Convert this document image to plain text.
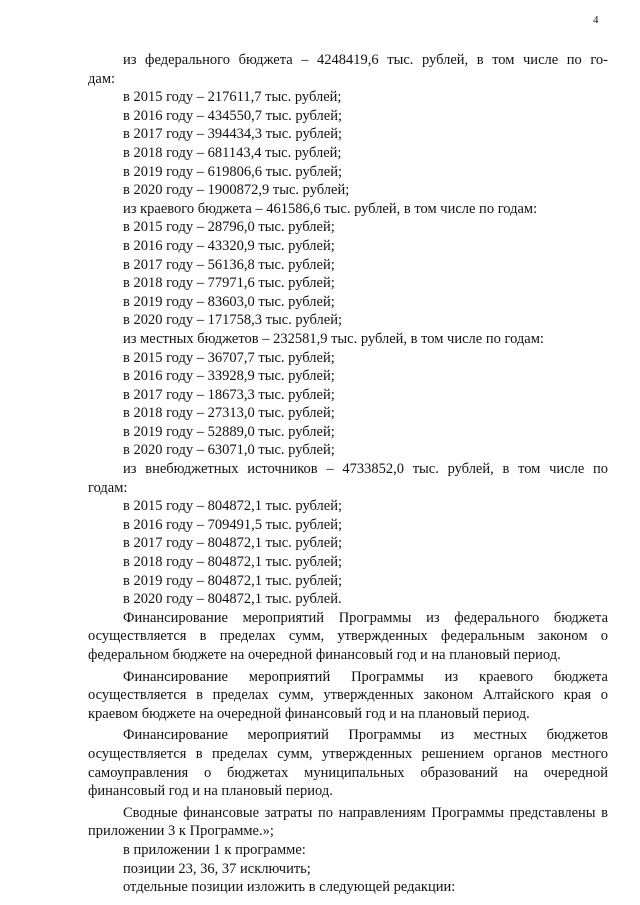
4
из федерального бюджета – 4248419,6 тыс. рублей, в том числе по го-
дам:
в 2015 году – 217611,7 тыс. рублей;
в 2016 году – 434550,7 тыс. рублей;
в 2017 году – 394434,3 тыс. рублей;
в 2018 году – 681143,4 тыс. рублей;
в 2019 году – 619806,6 тыс. рублей;
в 2020 году – 1900872,9 тыс. рублей;
из краевого бюджета – 461586,6 тыс. рублей, в том числе по годам:
в 2015 году – 28796,0 тыс. рублей;
в 2016 году – 43320,9 тыс. рублей;
в 2017 году – 56136,8 тыс. рублей;
в 2018 году – 77971,6 тыс. рублей;
в 2019 году – 83603,0 тыс. рублей;
в 2020 году – 171758,3 тыс. рублей;
из местных бюджетов – 232581,9 тыс. рублей, в том числе по годам:
в 2015 году – 36707,7 тыс. рублей;
в 2016 году – 33928,9 тыс. рублей;
в 2017 году – 18673,3 тыс. рублей;
в 2018 году – 27313,0 тыс. рублей;
в 2019 году – 52889,0 тыс. рублей;
в 2020 году – 63071,0 тыс. рублей;
из внебюджетных источников – 4733852,0 тыс. рублей, в том числе по
годам:
в 2015 году – 804872,1 тыс. рублей;
в 2016 году – 709491,5 тыс. рублей;
в 2017 году – 804872,1 тыс. рублей;
в 2018 году – 804872,1 тыс. рублей;
в 2019 году – 804872,1 тыс. рублей;
в 2020 году – 804872,1 тыс. рублей.
Финансирование мероприятий Программы из федерального бюджета осуществляется в пределах сумм, утвержденных федеральным законом о федеральном бюджете на очередной финансовый год и на плановый период.
Финансирование мероприятий Программы из краевого бюджета осуществляется в пределах сумм, утвержденных законом Алтайского края о краевом бюджете на очередной финансовый год и на плановый период.
Финансирование мероприятий Программы из местных бюджетов осуществляется в пределах сумм, утвержденных решением органов местного самоуправления о бюджетах муниципальных образований на очередной финансовый год и на плановый период.
Сводные финансовые затраты по направлениям Программы представлены в приложении 3 к Программе.»;
в приложении 1 к программе:
позиции 23, 36, 37 исключить;
отдельные позиции изложить в следующей редакции:
